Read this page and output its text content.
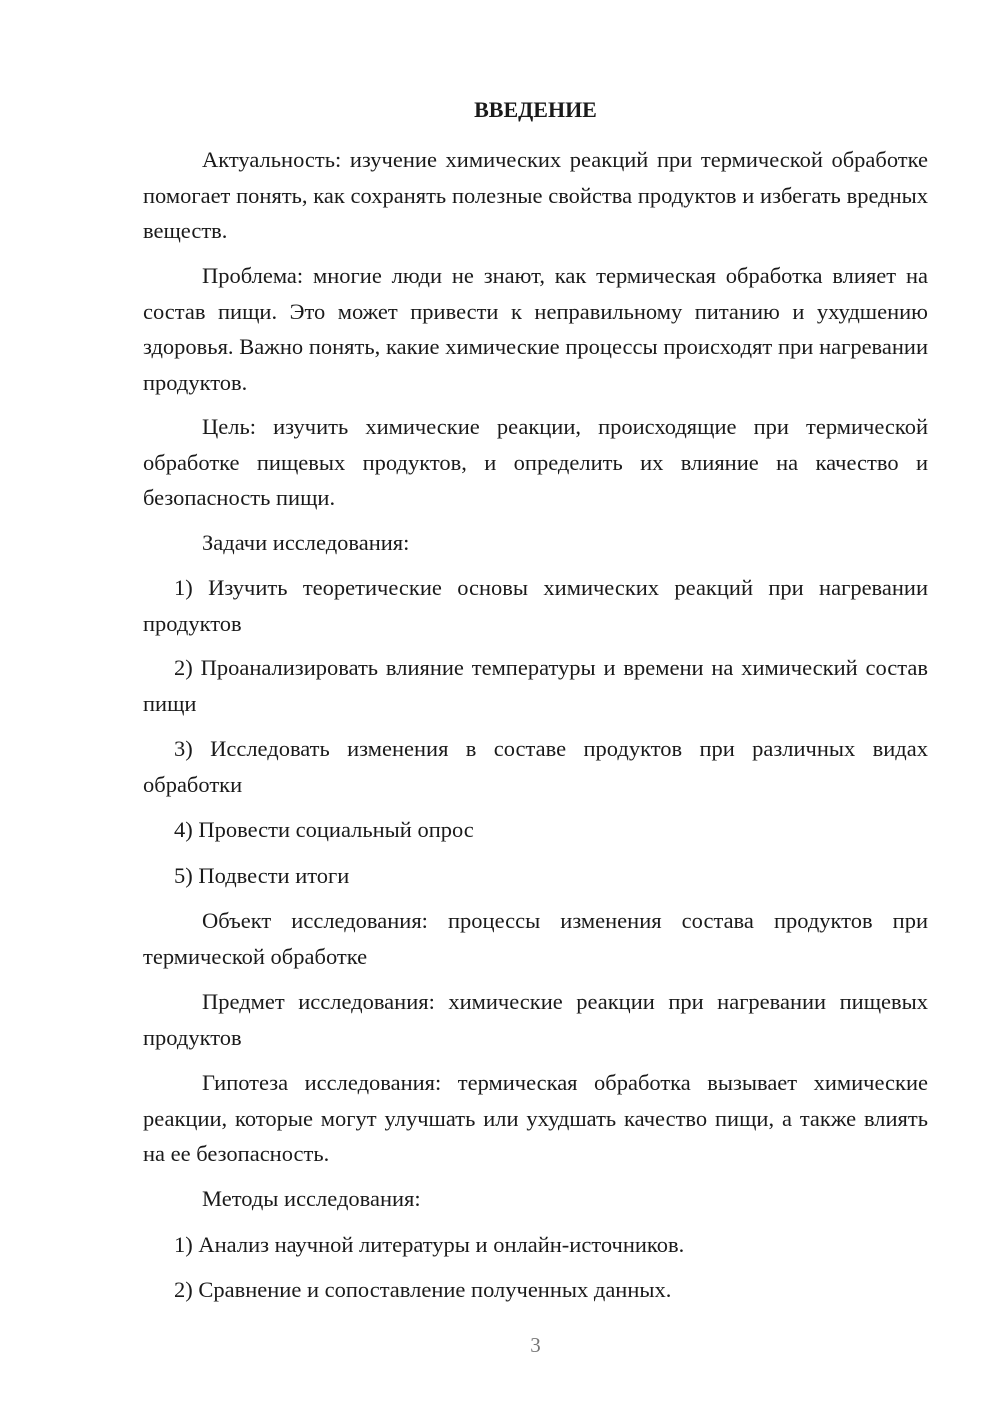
ВВЕДЕНИЕ

Актуальность: изучение химических реакций при термической обработке помогает понять, как сохранять полезные свойства продуктов и избегать вредных веществ.

Проблема: многие люди не знают, как термическая обработка влияет на состав пищи. Это может привести к неправильному питанию и ухудшению здоровья. Важно понять, какие химические процессы происходят при нагревании продуктов.

Цель: изучить химические реакции, происходящие при термической обработке пищевых продуктов, и определить их влияние на качество и безопасность пищи.

Задачи исследования:

1) Изучить теоретические основы химических реакций при нагревании продуктов

2) Проанализировать влияние температуры и времени на химический состав пищи

3) Исследовать изменения в составе продуктов при различных видах обработки

4) Провести социальный опрос

5) Подвести итоги

Объект исследования: процессы изменения состава продуктов при термической обработке

Предмет исследования: химические реакции при нагревании пищевых продуктов

Гипотеза исследования: термическая обработка вызывает химические реакции, которые могут улучшать или ухудшать качество пищи, а также влиять на ее безопасность.

Методы исследования:

1) Анализ научной литературы и онлайн-источников.

2) Сравнение и сопоставление полученных данных.

3
